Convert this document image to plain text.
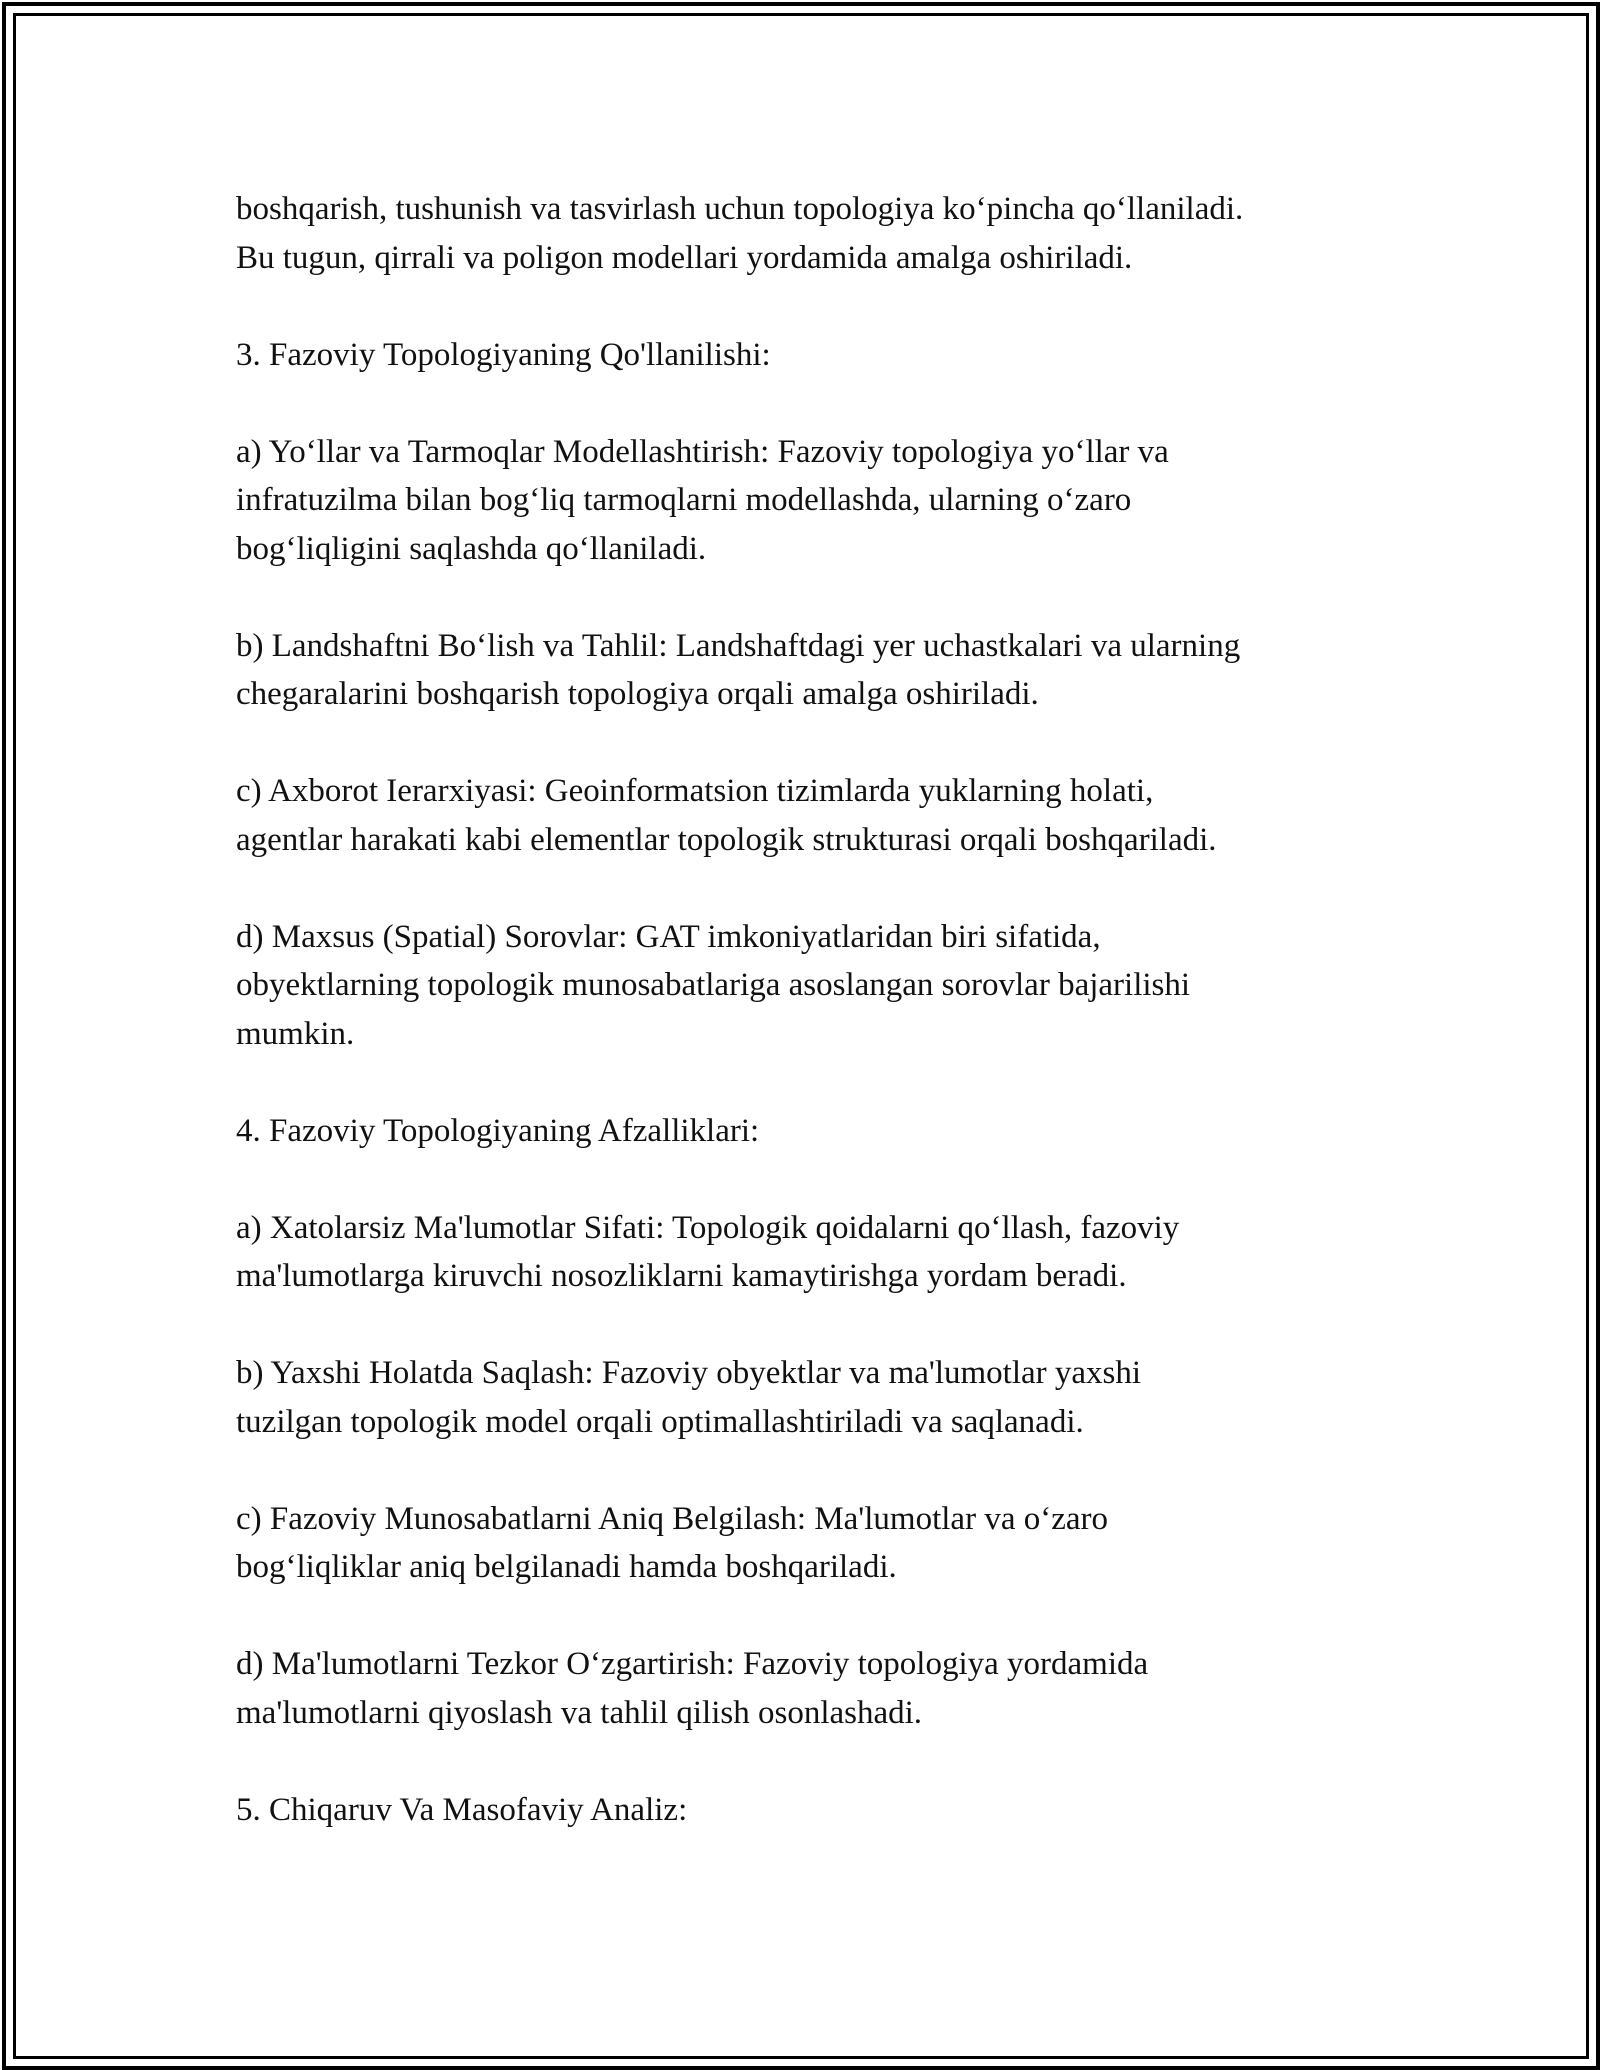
boshqarish, tushunish va tasvirlash uchun topologiya ko‘pincha qo‘llaniladi.
Bu tugun, qirrali va poligon modellari yordamida amalga oshiriladi.

3. Fazoviy Topologiyaning Qo'llanilishi:

a) Yo‘llar va Tarmoqlar Modellashtirish: Fazoviy topologiya yo‘llar va
infratuzilma bilan bog‘liq tarmoqlarni modellashda, ularning o‘zaro
bog‘liqligini saqlashda qo‘llaniladi.

b) Landshaftni Bo‘lish va Tahlil: Landshaftdagi yer uchastkalari va ularning
chegaralarini boshqarish topologiya orqali amalga oshiriladi.

c) Axborot Ierarxiyasi: Geoinformatsion tizimlarda yuklarning holati,
agentlar harakati kabi elementlar topologik strukturasi orqali boshqariladi.

d) Maxsus (Spatial) Sorovlar: GAT imkoniyatlaridan biri sifatida,
obyektlarning topologik munosabatlariga asoslangan sorovlar bajarilishi
mumkin.

4. Fazoviy Topologiyaning Afzalliklari:

a) Xatolarsiz Ma'lumotlar Sifati: Topologik qoidalarni qo‘llash, fazoviy
ma'lumotlarga kiruvchi nosozliklarni kamaytirishga yordam beradi.

b) Yaxshi Holatda Saqlash: Fazoviy obyektlar va ma'lumotlar yaxshi
tuzilgan topologik model orqali optimallashtiriladi va saqlanadi.

c) Fazoviy Munosabatlarni Aniq Belgilash: Ma'lumotlar va o‘zaro
bog‘liqliklar aniq belgilanadi hamda boshqariladi.

d) Ma'lumotlarni Tezkor O‘zgartirish: Fazoviy topologiya yordamida
ma'lumotlarni qiyoslash va tahlil qilish osonlashadi.

5. Chiqaruv Va Masofaviy Analiz:
